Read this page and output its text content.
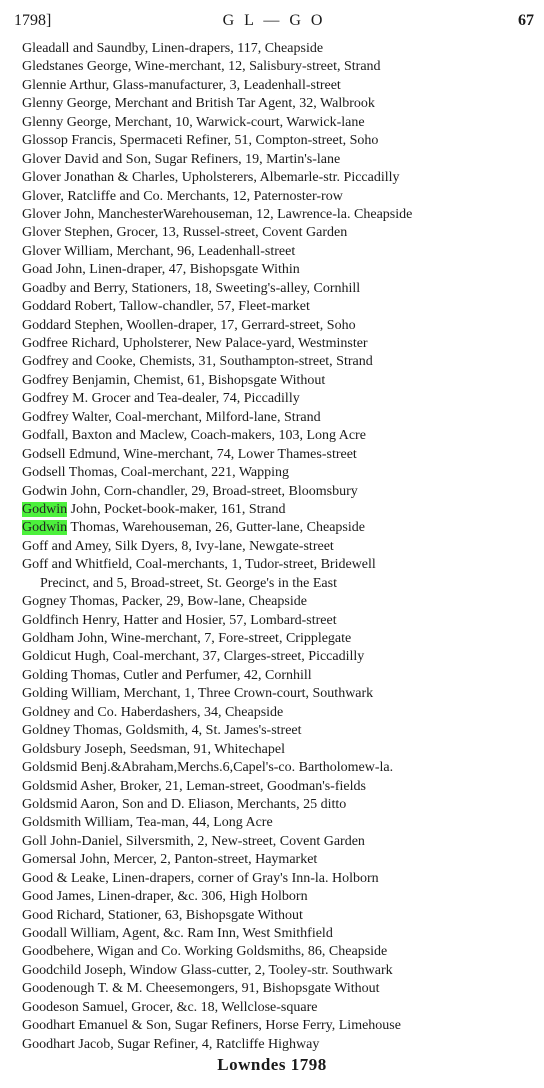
1798]	G L — G O	67
Gleadall and Saundby, Linen-drapers, 117, Cheapside
Gledstanes George, Wine-merchant, 12, Salisbury-street, Strand
Glennie Arthur, Glass-manufacturer, 3, Leadenhall-street
Glenny George, Merchant and British Tar Agent, 32, Walbrook
Glenny George, Merchant, 10, Warwick-court, Warwick-lane
Glossop Francis, Spermaceti Refiner, 51, Compton-street, Soho
Glover David and Son, Sugar Refiners, 19, Martin's-lane
Glover Jonathan & Charles, Upholsterers, Albemarle-str. Piccadilly
Glover, Ratcliffe and Co. Merchants, 12, Paternoster-row
Glover John, ManchesterWarehouseman, 12, Lawrence-la. Cheapside
Glover Stephen, Grocer, 13, Russel-street, Covent Garden
Glover William, Merchant, 96, Leadenhall-street
Goad John, Linen-draper, 47, Bishopsgate Within
Goadby and Berry, Stationers, 18, Sweeting's-alley, Cornhill
Goddard Robert, Tallow-chandler, 57, Fleet-market
Goddard Stephen, Woollen-draper, 17, Gerrard-street, Soho
Godfree Richard, Upholsterer, New Palace-yard, Westminster
Godfrey and Cooke, Chemists, 31, Southampton-street, Strand
Godfrey Benjamin, Chemist, 61, Bishopsgate Without
Godfrey M. Grocer and Tea-dealer, 74, Piccadilly
Godfrey Walter, Coal-merchant, Milford-lane, Strand
Godfall, Baxton and Maclew, Coach-makers, 103, Long Acre
Godsell Edmund, Wine-merchant, 74, Lower Thames-street
Godsell Thomas, Coal-merchant, 221, Wapping
Godwin John, Corn-chandler, 29, Broad-street, Bloomsbury
Godwin John, Pocket-book-maker, 161, Strand
Godwin Thomas, Warehouseman, 26, Gutter-lane, Cheapside
Goff and Amey, Silk Dyers, 8, Ivy-lane, Newgate-street
Goff and Whitfield, Coal-merchants, 1, Tudor-street, Bridewell
Precinct, and 5, Broad-street, St. George's in the East
Gogney Thomas, Packer, 29, Bow-lane, Cheapside
Goldfinch Henry, Hatter and Hosier, 57, Lombard-street
Goldham John, Wine-merchant, 7, Fore-street, Cripplegate
Goldicut Hugh, Coal-merchant, 37, Clarges-street, Piccadilly
Golding Thomas, Cutler and Perfumer, 42, Cornhill
Golding William, Merchant, 1, Three Crown-court, Southwark
Goldney and Co. Haberdashers, 34, Cheapside
Goldney Thomas, Goldsmith, 4, St. James's-street
Goldsbury Joseph, Seedsman, 91, Whitechapel
Goldsmid Benj.&Abraham,Merchs.6,Capel's-co. Bartholomew-la.
Goldsmid Asher, Broker, 21, Leman-street, Goodman's-fields
Goldsmid Aaron, Son and D. Eliason, Merchants, 25 ditto
Goldsmith William, Tea-man, 44, Long Acre
Goll John-Daniel, Silversmith, 2, New-street, Covent Garden
Gomersal John, Mercer, 2, Panton-street, Haymarket
Good & Leake, Linen-drapers, corner of Gray's Inn-la. Holborn
Good James, Linen-draper, &c. 306, High Holborn
Good Richard, Stationer, 63, Bishopsgate Without
Goodall William, Agent, &c. Ram Inn, West Smithfield
Goodbehere, Wigan and Co. Working Goldsmiths, 86, Cheapside
Goodchild Joseph, Window Glass-cutter, 2, Tooley-str. Southwark
Goodenough T. & M. Cheesemongers, 91, Bishopsgate Without
Goodeson Samuel, Grocer, &c. 18, Wellclose-square
Goodhart Emanuel & Son, Sugar Refiners, Horse Ferry, Limehouse
Goodhart Jacob, Sugar Refiner, 4, Ratcliffe Highway
Lowndes 1798
